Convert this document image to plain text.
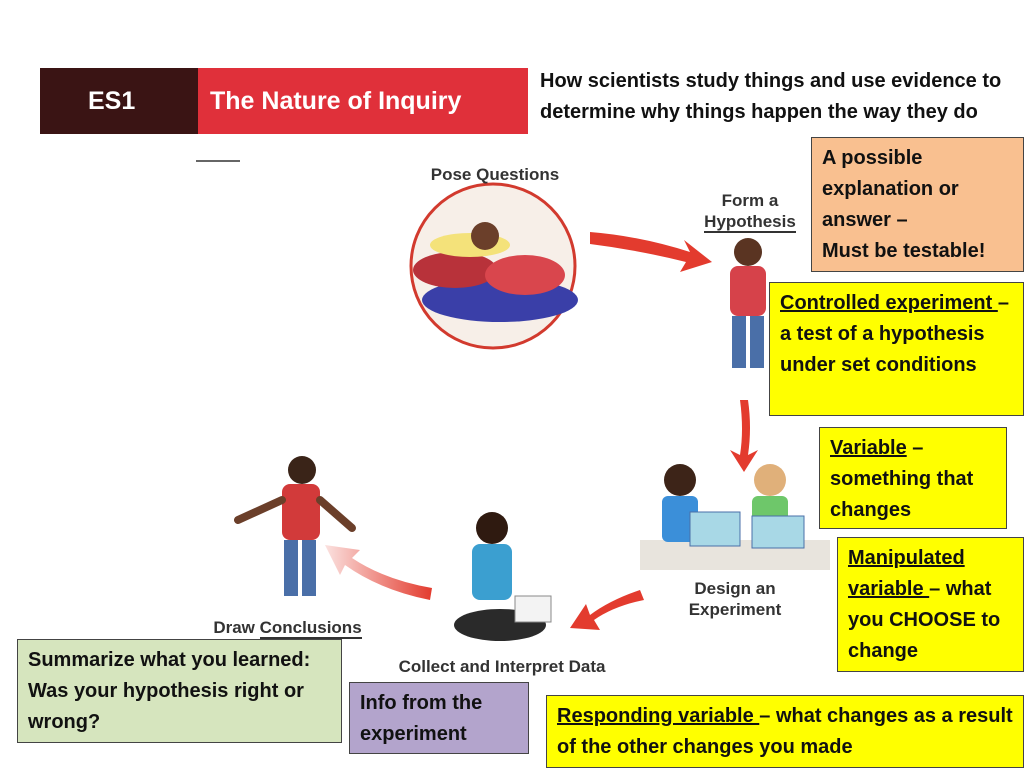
ES1	The Nature of Inquiry
How scientists study things and use evidence to determine why things happen the way they do
Pose Questions
Form a
Hypothesis
Design an
Experiment
Collect and Interpret Data
Draw Conclusions
A possible explanation or answer –
Must be testable!
Controlled experiment – a test of a hypothesis under set conditions
Variable – something that changes
Manipulated variable – what you CHOOSE to change
Responding variable – what changes as a result of the other changes you made
Summarize what you learned: Was your hypothesis right or wrong?
Info from the experiment
